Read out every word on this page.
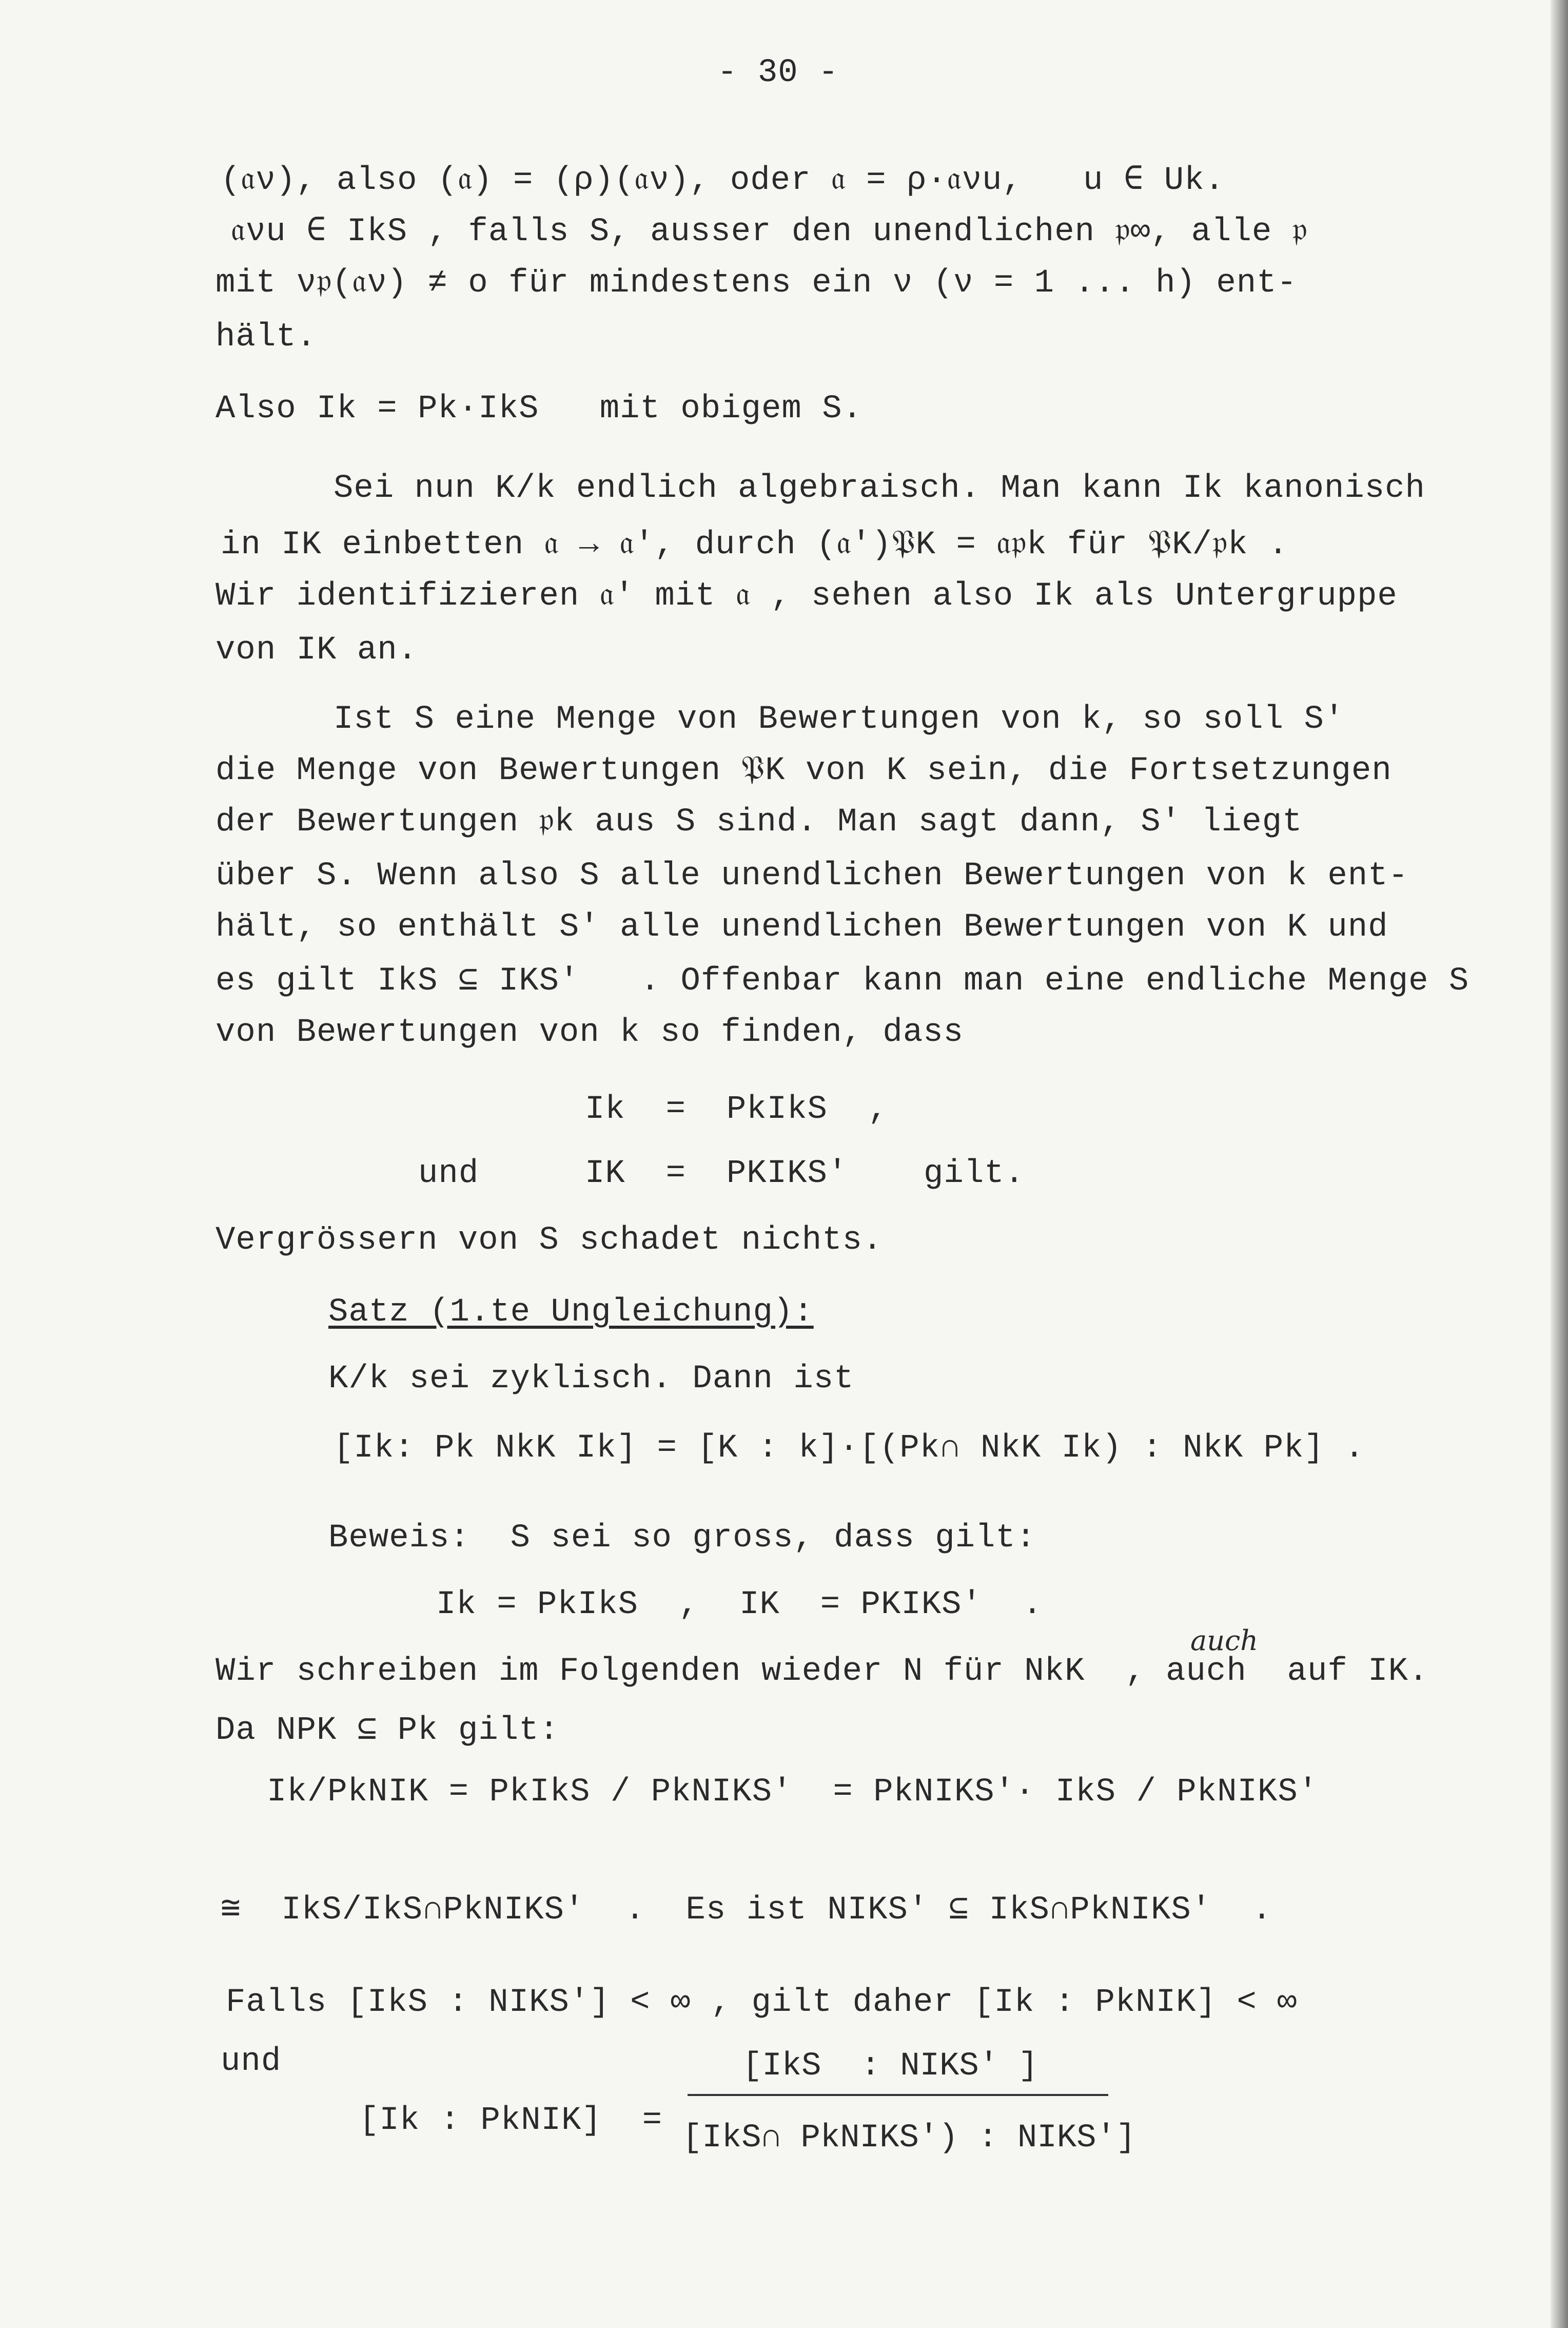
- 30 -
(𝔞ν), also (𝔞) = (ρ)(𝔞ν), oder 𝔞 = ρ·𝔞νu,   u ∈ Uk.
𝔞νu ∈ IkS , falls S, ausser den unendlichen 𝔭∞, alle 𝔭
mit ν𝔭(𝔞ν) ≠ o für mindestens ein ν (ν = 1 ... h) ent-
hält.
Also Ik = Pk·IkS   mit obigem S.
Sei nun K/k endlich algebraisch. Man kann Ik kanonisch
in IK einbetten 𝔞 → 𝔞′, durch (𝔞′)𝔓K = 𝔞𝔭k für 𝔓K/𝔭k .
Wir identifizieren 𝔞′ mit 𝔞 , sehen also Ik als Untergruppe
von IK an.
Ist S eine Menge von Bewertungen von k, so soll S'
die Menge von Bewertungen 𝔓K von K sein, die Fortsetzungen
der Bewertungen 𝔭k aus S sind. Man sagt dann, S' liegt
über S. Wenn also S alle unendlichen Bewertungen von k ent-
hält, so enthält S' alle unendlichen Bewertungen von K und
es gilt IkS ⊆ IKS'   . Offenbar kann man eine endliche Menge S
von Bewertungen von k so finden, dass
Ik  =  PkIkS  ,
und	IK  =  PKIKS′ gilt.
Vergrössern von S schadet nichts.
Satz (1.te Ungleichung):
K/k sei zyklisch. Dann ist
[Ik: Pk NkK Ik] = [K : k]·[(Pk∩ NkK Ik) : NkK Pk] .
Beweis:  S sei so gross, dass gilt:
Ik = PkIkS  ,  IK  = PKIKS'  .
Wir schreiben im Folgenden wieder N für NkK  , auch  auf IK.
auch
Da NPK ⊆ Pk gilt:
Ik/PkNIK = PkIkS / PkNIKS'  = PkNIKS'· IkS / PkNIKS'
≅  IkS/IkS∩PkNIKS'  .  Es ist NIKS' ⊆ IkS∩PkNIKS'  .
Falls [IkS : NIKS'] < ∞ , gilt daher [Ik : PkNIK] < ∞
und
[Ik : PkNIK]  =
[IkS  : NIKS' ]
[IkS∩ PkNIKS') : NIKS']
